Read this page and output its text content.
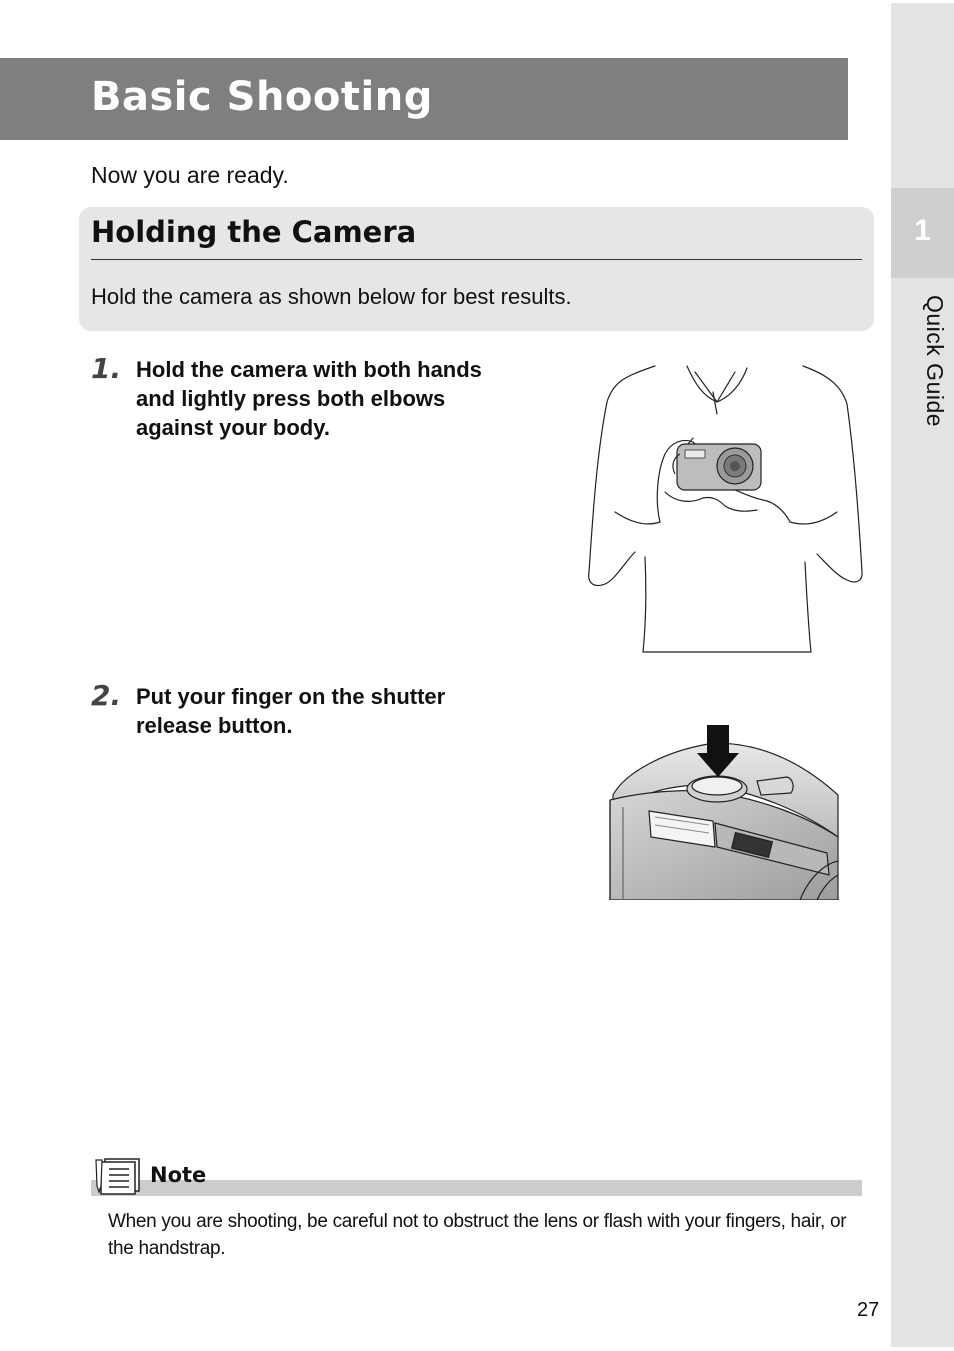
Basic Shooting
Now you are ready.
Holding the Camera
Hold the camera as shown below for best results.
1. Hold the camera with both hands
and lightly press both elbows
against your body.
2. Put your finger on the shutter
release button.
Note
When you are shooting, be careful not to obstruct the lens or flash with your fingers, hair, or
the handstrap.
1
Quick Guide
27
